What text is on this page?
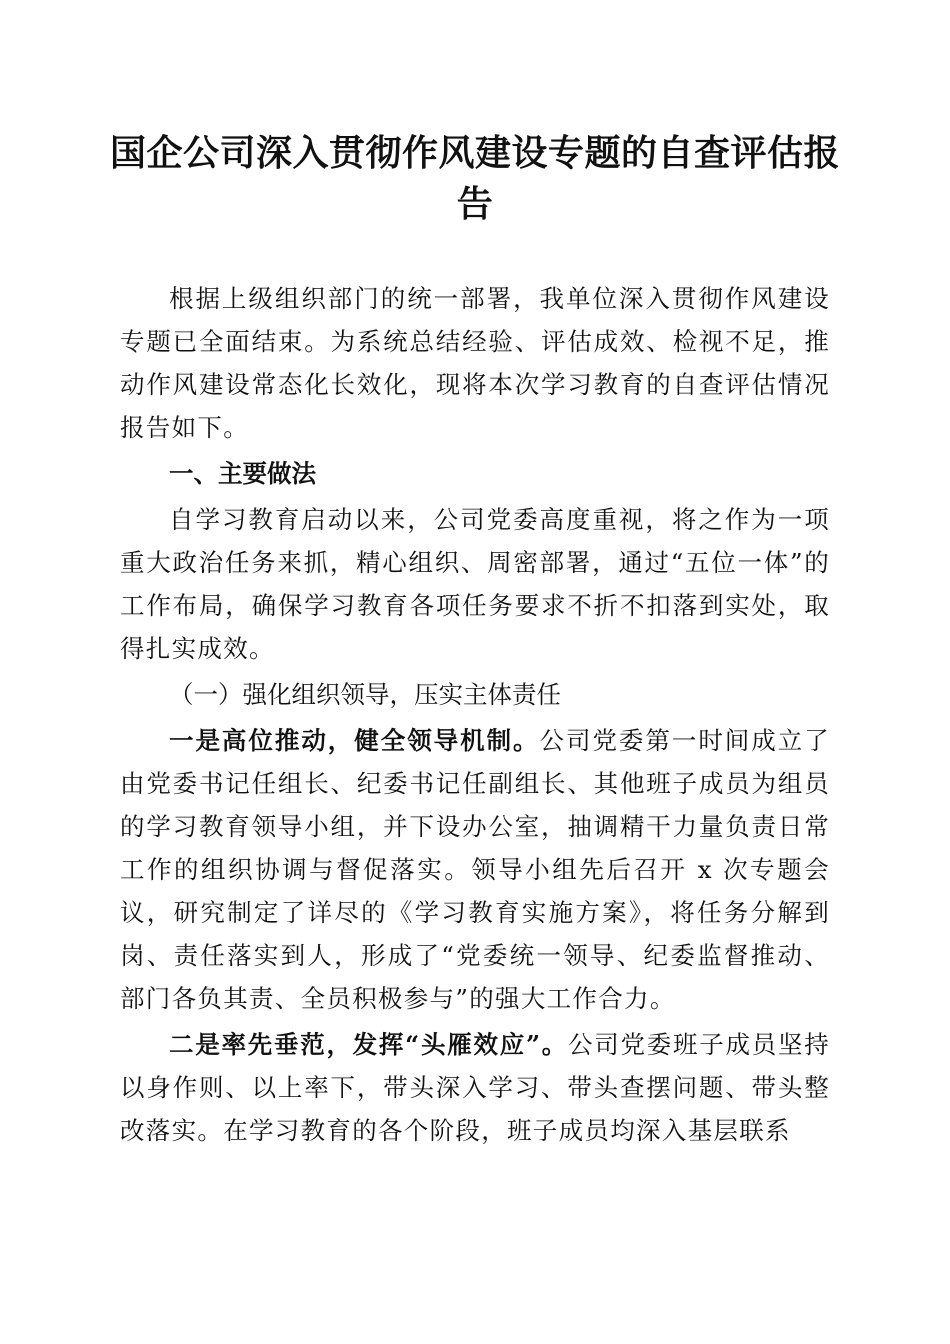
国企公司深入贯彻作风建设专题的自查评估报告

根据上级组织部门的统一部署，我单位深入贯彻作风建设专题已全面结束。为系统总结经验、评估成效、检视不足，推动作风建设常态化长效化，现将本次学习教育的自查评估情况报告如下。

一、主要做法

自学习教育启动以来，公司党委高度重视，将之作为一项重大政治任务来抓，精心组织、周密部署，通过“五位一体”的工作布局，确保学习教育各项任务要求不折不扣落到实处，取得扎实成效。

（一）强化组织领导，压实主体责任

一是高位推动，健全领导机制。公司党委第一时间成立了由党委书记任组长、纪委书记任副组长、其他班子成员为组员的学习教育领导小组，并下设办公室，抽调精干力量负责日常工作的组织协调与督促落实。领导小组先后召开 x 次专题会议，研究制定了详尽的《学习教育实施方案》，将任务分解到岗、责任落实到人，形成了“党委统一领导、纪委监督推动、部门各负其责、全员积极参与”的强大工作合力。

二是率先垂范，发挥“头雁效应”。公司党委班子成员坚持以身作则、以上率下，带头深入学习、带头查摆问题、带头整改落实。在学习教育的各个阶段，班子成员均深入基层联系
